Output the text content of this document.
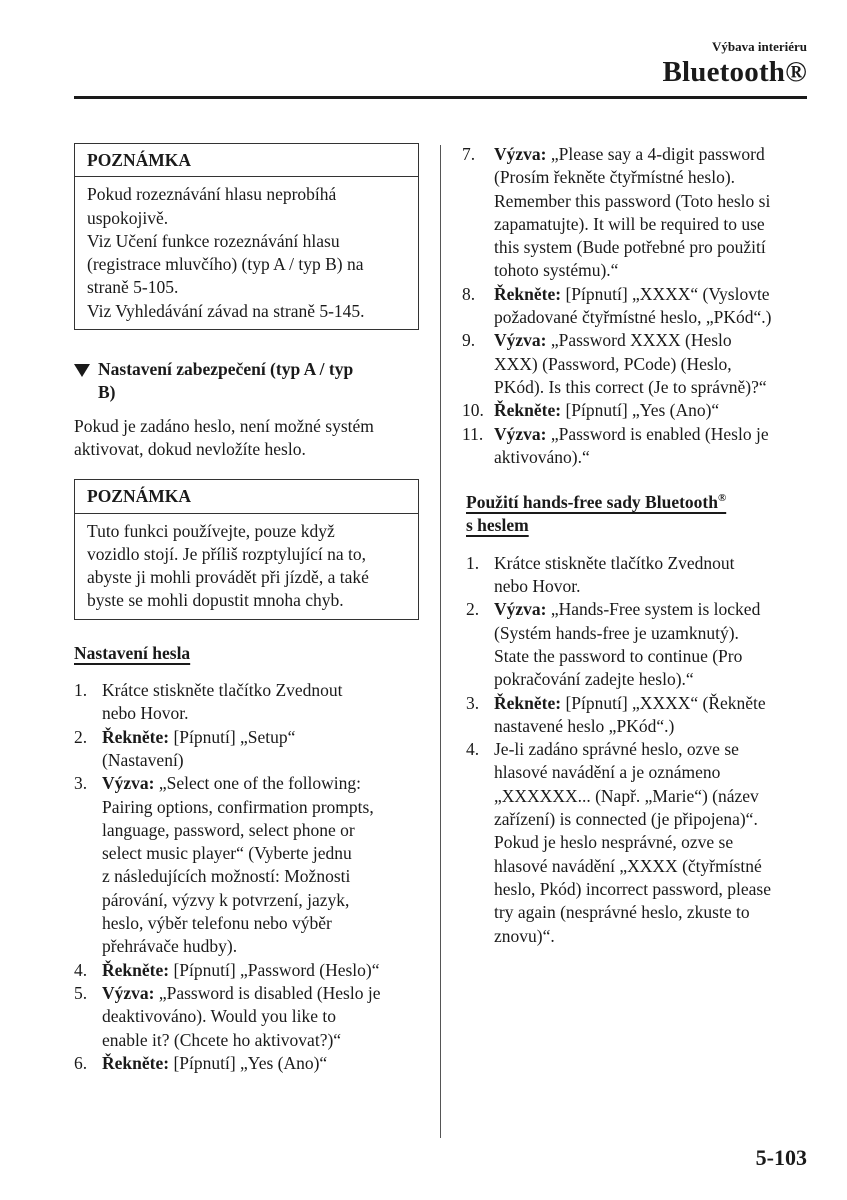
Výbava interiéru
Bluetooth®
POZNÁMKA
Pokud rozeznávání hlasu neprobíhá
uspokojivě.
Viz Učení funkce rozeznávání hlasu
(registrace mluvčího) (typ A / typ B) na
straně 5-105.
Viz Vyhledávání závad na straně 5-145.
Nastavení zabezpečení (typ A / typ
B)
Pokud je zadáno heslo, není možné systém
aktivovat, dokud nevložíte heslo.
POZNÁMKA
Tuto funkci používejte, pouze když
vozidlo stojí. Je příliš rozptylující na to,
abyste ji mohli provádět při jízdě, a také
byste se mohli dopustit mnoha chyb.
Nastavení hesla
1. Krátce stiskněte tlačítko Zvednout
nebo Hovor.
2. Řekněte: [Pípnutí] „Setup“
(Nastavení)
3. Výzva: „Select one of the following:
Pairing options, confirmation prompts,
language, password, select phone or
select music player“ (Vyberte jednu
z následujících možností: Možnosti
párování, výzvy k potvrzení, jazyk,
heslo, výběr telefonu nebo výběr
přehrávače hudby).
4. Řekněte: [Pípnutí] „Password (Heslo)“
5. Výzva: „Password is disabled (Heslo je
deaktivováno). Would you like to
enable it? (Chcete ho aktivovat?)“
6. Řekněte: [Pípnutí] „Yes (Ano)“
7. Výzva: „Please say a 4-digit password
(Prosím řekněte čtyřmístné heslo).
Remember this password (Toto heslo si
zapamatujte). It will be required to use
this system (Bude potřebné pro použití
tohoto systému).“
8. Řekněte: [Pípnutí] „XXXX“ (Vyslovte
požadované čtyřmístné heslo, „PKód“.)
9. Výzva: „Password XXXX (Heslo
XXX) (Password, PCode) (Heslo,
PKód). Is this correct (Je to správně)?“
10. Řekněte: [Pípnutí] „Yes (Ano)“
11. Výzva: „Password is enabled (Heslo je
aktivováno).“
Použití hands-free sady Bluetooth®
s heslem
1. Krátce stiskněte tlačítko Zvednout
nebo Hovor.
2. Výzva: „Hands-Free system is locked
(Systém hands-free je uzamknutý).
State the password to continue (Pro
pokračování zadejte heslo).“
3. Řekněte: [Pípnutí] „XXXX“ (Řekněte
nastavené heslo „PKód“.)
4. Je-li zadáno správné heslo, ozve se
hlasové navádění a je oznámeno
„XXXXXX... (Např. „Marie“) (název
zařízení) is connected (je připojena)“.
Pokud je heslo nesprávné, ozve se
hlasové navádění „XXXX (čtyřmístné
heslo, Pkód) incorrect password, please
try again (nesprávné heslo, zkuste to
znovu)“.
5-103
